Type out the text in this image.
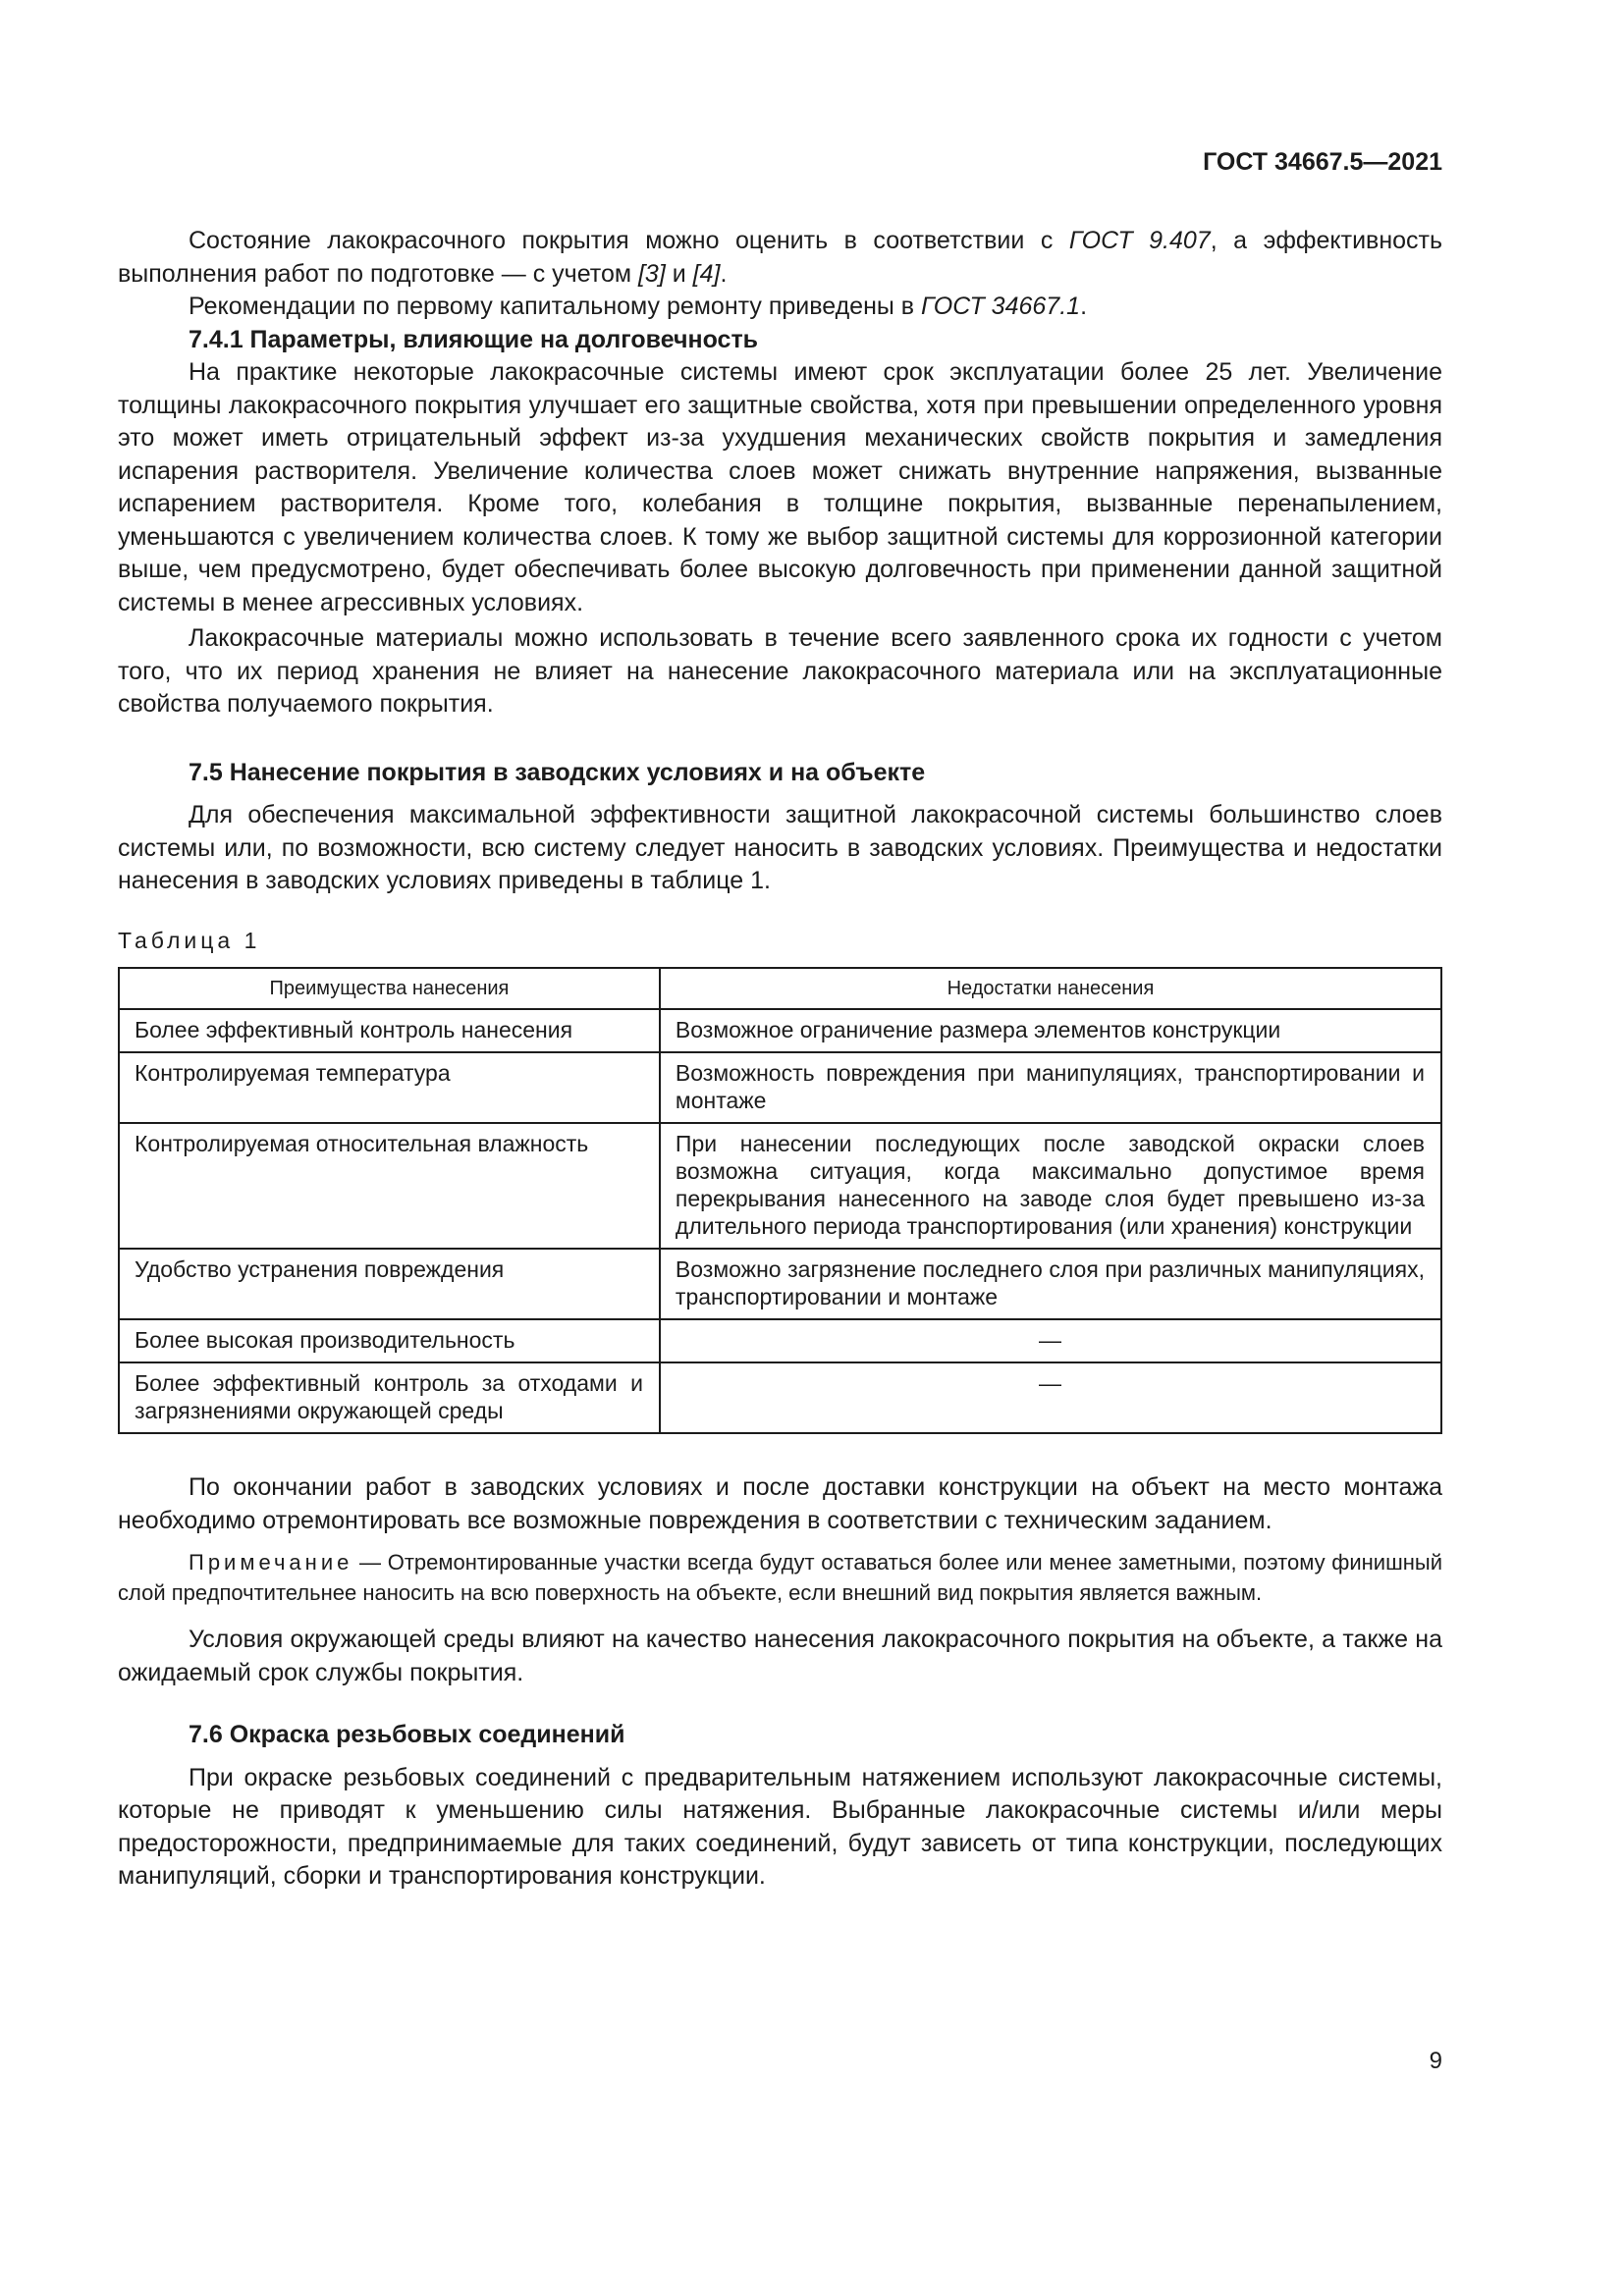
ГОСТ 34667.5—2021

Состояние лакокрасочного покрытия можно оценить в соответствии с ГОСТ 9.407, а эффективность выполнения работ по подготовке — с учетом [3] и [4].

Рекомендации по первому капитальному ремонту приведены в ГОСТ 34667.1.

7.4.1 Параметры, влияющие на долговечность

На практике некоторые лакокрасочные системы имеют срок эксплуатации более 25 лет. Увеличение толщины лакокрасочного покрытия улучшает его защитные свойства, хотя при превышении определенного уровня это может иметь отрицательный эффект из-за ухудшения механических свойств покрытия и замедления испарения растворителя. Увеличение количества слоев может снижать внутренние напряжения, вызванные испарением растворителя. Кроме того, колебания в толщине покрытия, вызванные перенапылением, уменьшаются с увеличением количества слоев. К тому же выбор защитной системы для коррозионной категории выше, чем предусмотрено, будет обеспечивать более высокую долговечность при применении данной защитной системы в менее агрессивных условиях.

Лакокрасочные материалы можно использовать в течение всего заявленного срока их годности с учетом того, что их период хранения не влияет на нанесение лакокрасочного материала или на эксплуатационные свойства получаемого покрытия.

7.5 Нанесение покрытия в заводских условиях и на объекте

Для обеспечения максимальной эффективности защитной лакокрасочной системы большинство слоев системы или, по возможности, всю систему следует наносить в заводских условиях. Преимущества и недостатки нанесения в заводских условиях приведены в таблице 1.

Таблица 1
Преимущества нанесения	Недостатки нанесения
Более эффективный контроль нанесения	Возможное ограничение размера элементов конструкции
Контролируемая температура	Возможность повреждения при манипуляциях, транспортировании и монтаже
Контролируемая относительная влажность	При нанесении последующих после заводской окраски слоев возможна ситуация, когда максимально допустимое время перекрывания нанесенного на заводе слоя будет превышено из-за длительного периода транспортирования (или хранения) конструкции
Удобство устранения повреждения	Возможно загрязнение последнего слоя при различных манипуляциях, транспортировании и монтаже
Более высокая производительность	—
Более эффективный контроль за отходами и загрязнениями окружающей среды	—

По окончании работ в заводских условиях и после доставки конструкции на объект на место монтажа необходимо отремонтировать все возможные повреждения в соответствии с техническим заданием.

Примечание — Отремонтированные участки всегда будут оставаться более или менее заметными, поэтому финишный слой предпочтительнее наносить на всю поверхность на объекте, если внешний вид покрытия является важным.

Условия окружающей среды влияют на качество нанесения лакокрасочного покрытия на объекте, а также на ожидаемый срок службы покрытия.

7.6 Окраска резьбовых соединений

При окраске резьбовых соединений с предварительным натяжением используют лакокрасочные системы, которые не приводят к уменьшению силы натяжения. Выбранные лакокрасочные системы и/или меры предосторожности, предпринимаемые для таких соединений, будут зависеть от типа конструкции, последующих манипуляций, сборки и транспортирования конструкции.

9
